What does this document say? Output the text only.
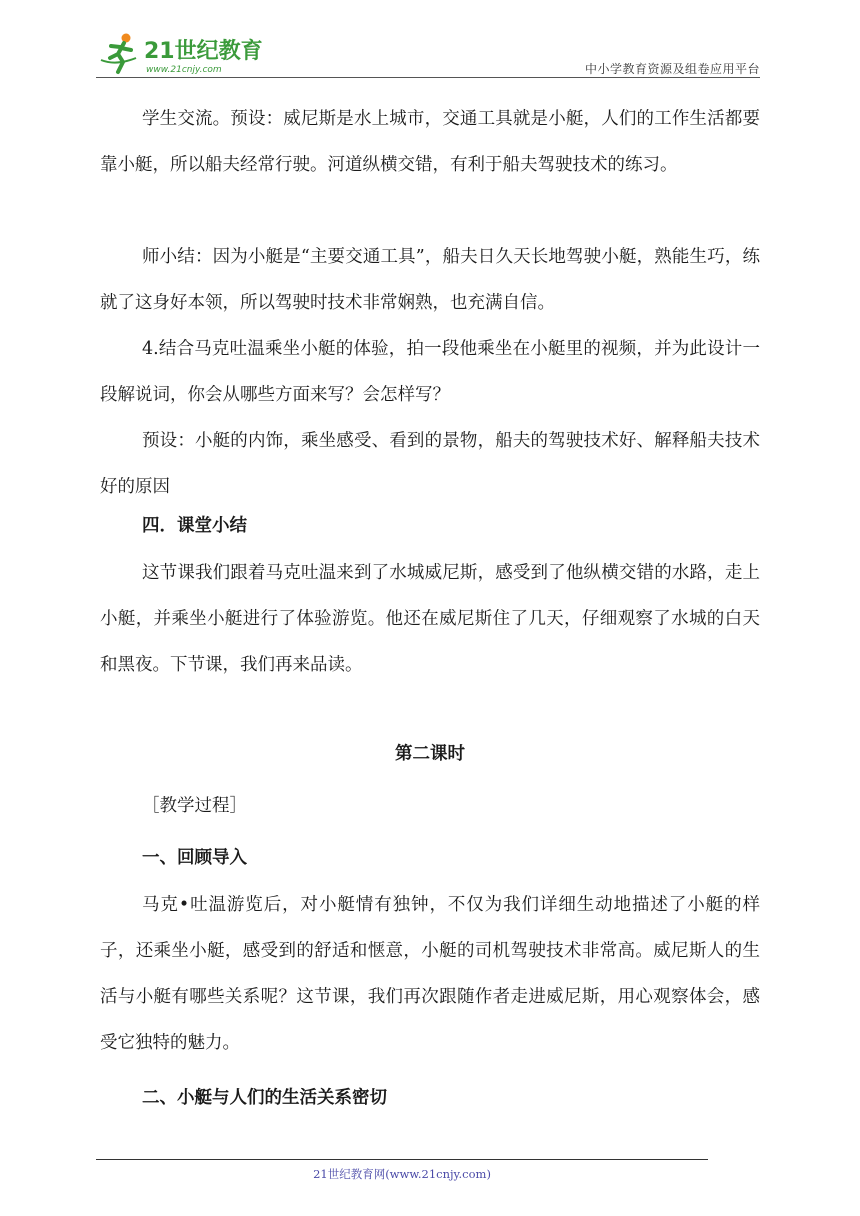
21世纪教育
www.21cnjy.com	中小学教育资源及组卷应用平台

学生交流。预设：威尼斯是水上城市，交通工具就是小艇，人们的工作生活都要靠小艇，所以船夫经常行驶。河道纵横交错，有利于船夫驾驶技术的练习。

师小结：因为小艇是“主要交通工具”，船夫日久天长地驾驶小艇，熟能生巧，练就了这身好本领，所以驾驶时技术非常娴熟，也充满自信。

4.结合马克吐温乘坐小艇的体验，拍一段他乘坐在小艇里的视频，并为此设计一段解说词，你会从哪些方面来写？会怎样写？

预设：小艇的内饰，乘坐感受、看到的景物，船夫的驾驶技术好、解释船夫技术好的原因

四．课堂小结

这节课我们跟着马克吐温来到了水城威尼斯，感受到了他纵横交错的水路，走上小艇，并乘坐小艇进行了体验游览。他还在威尼斯住了几天，仔细观察了水城的白天和黑夜。下节课，我们再来品读。

第二课时

［教学过程］

一、回顾导入

马克•吐温游览后，对小艇情有独钟，不仅为我们详细生动地描述了小艇的样子，还乘坐小艇，感受到的舒适和惬意，小艇的司机驾驶技术非常高。威尼斯人的生活与小艇有哪些关系呢？这节课，我们再次跟随作者走进威尼斯，用心观察体会，感受它独特的魅力。

二、小艇与人们的生活关系密切

21世纪教育网(www.21cnjy.com)
